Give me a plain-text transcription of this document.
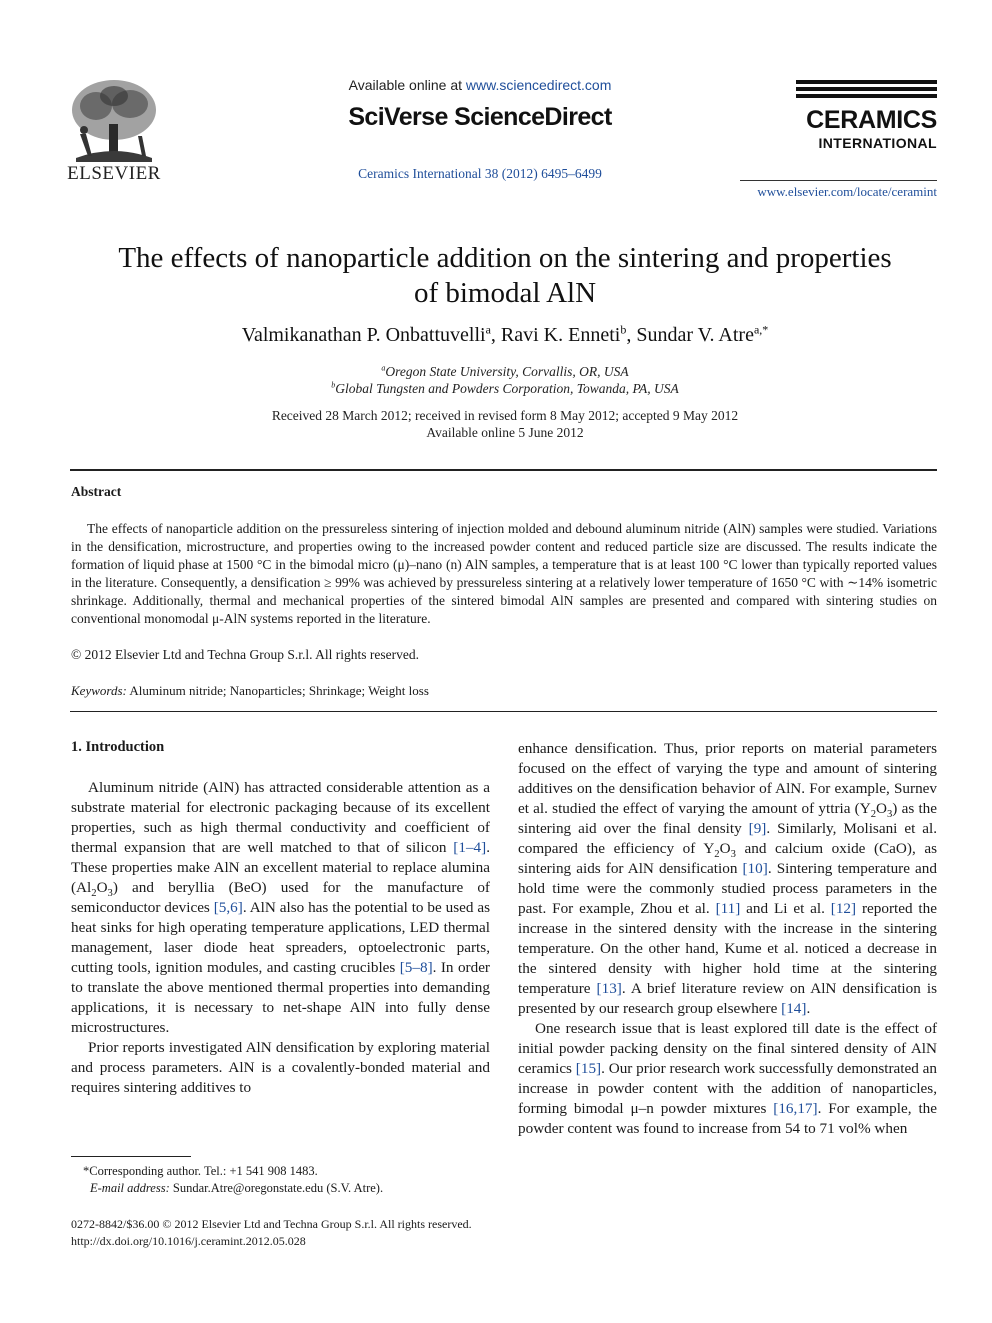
ELSEVIER
Available online at www.sciencedirect.com
SciVerse ScienceDirect
Ceramics International 38 (2012) 6495–6499
CERAMICS
INTERNATIONAL
www.elsevier.com/locate/ceramint
The effects of nanoparticle addition on the sintering and properties
of bimodal AlN
Valmikanathan P. Onbattuvelli$^a$, Ravi K. Enneti$^b$, Sundar V. Atre$^{a,*}$
$^a$Oregon State University, Corvallis, OR, USA
$^b$Global Tungsten and Powders Corporation, Towanda, PA, USA
Received 28 March 2012; received in revised form 8 May 2012; accepted 9 May 2012
Available online 5 June 2012
Abstract

The effects of nanoparticle addition on the pressureless sintering of injection molded and debound aluminum nitride (AlN) samples were studied. Variations in the densification, microstructure, and properties owing to the increased powder content and reduced particle size are discussed. The results indicate the formation of liquid phase at 1500 °C in the bimodal micro (μ)–nano (n) AlN samples, a temperature that is at least 100 °C lower than typically reported values in the literature. Consequently, a densification ≥ 99% was achieved by pressureless sintering at a relatively lower temperature of 1650 °C with ∼14% isometric shrinkage. Additionally, thermal and mechanical properties of the sintered bimodal AlN samples are presented and compared with sintering studies on conventional monomodal μ-AlN systems reported in the literature.

© 2012 Elsevier Ltd and Techna Group S.r.l. All rights reserved.
Keywords: Aluminum nitride; Nanoparticles; Shrinkage; Weight loss
1. Introduction

Aluminum nitride (AlN) has attracted considerable attention as a substrate material for electronic packaging because of its excellent properties, such as high thermal conductivity and coefficient of thermal expansion that are well matched to that of silicon [1–4]. These properties make AlN an excellent material to replace alumina $(Al_2O_3)$ and beryllia (BeO) used for the manufacture of semiconductor devices [5,6]. AlN also has the potential to be used as heat sinks for high operating temperature applications, LED thermal management, laser diode heat spreaders, optoelectronic parts, cutting tools, ignition modules, and casting crucibles [5–8]. In order to translate the above mentioned thermal properties into demanding applications, it is necessary to net-shape AlN into fully dense microstructures.

Prior reports investigated AlN densification by exploring material and process parameters. AlN is a covalently-bonded material and requires sintering additives to

enhance densification. Thus, prior reports on material parameters focused on the effect of varying the type and amount of sintering additives on the densification behavior of AlN. For example, Surnev et al. studied the effect of varying the amount of yttria $(Y_2O_3)$ as the sintering aid over the final density [9]. Similarly, Molisani et al. compared the efficiency of $Y_2O_3$ and calcium oxide (CaO), as sintering aids for AlN densification [10]. Sintering temperature and hold time were the commonly studied process parameters in the past. For example, Zhou et al. [11] and Li et al. [12] reported the increase in the sintered density with the increase in the sintering temperature. On the other hand, Kume et al. noticed a decrease in the sintered density with higher hold time at the sintering temperature [13]. A brief literature review on AlN densification is presented by our research group elsewhere [14].

One research issue that is least explored till date is the effect of initial powder packing density on the final sintered density of AlN ceramics [15]. Our prior research work successfully demonstrated an increase in powder content with the addition of nanoparticles, forming bimodal μ–n powder mixtures [16,17]. For example, the powder content was found to increase from 54 to 71 vol% when

*Corresponding author. Tel.: +1 541 908 1483.
E-mail address: Sundar.Atre@oregonstate.edu (S.V. Atre).
0272-8842/$36.00 © 2012 Elsevier Ltd and Techna Group S.r.l. All rights reserved.
http://dx.doi.org/10.1016/j.ceramint.2012.05.028
